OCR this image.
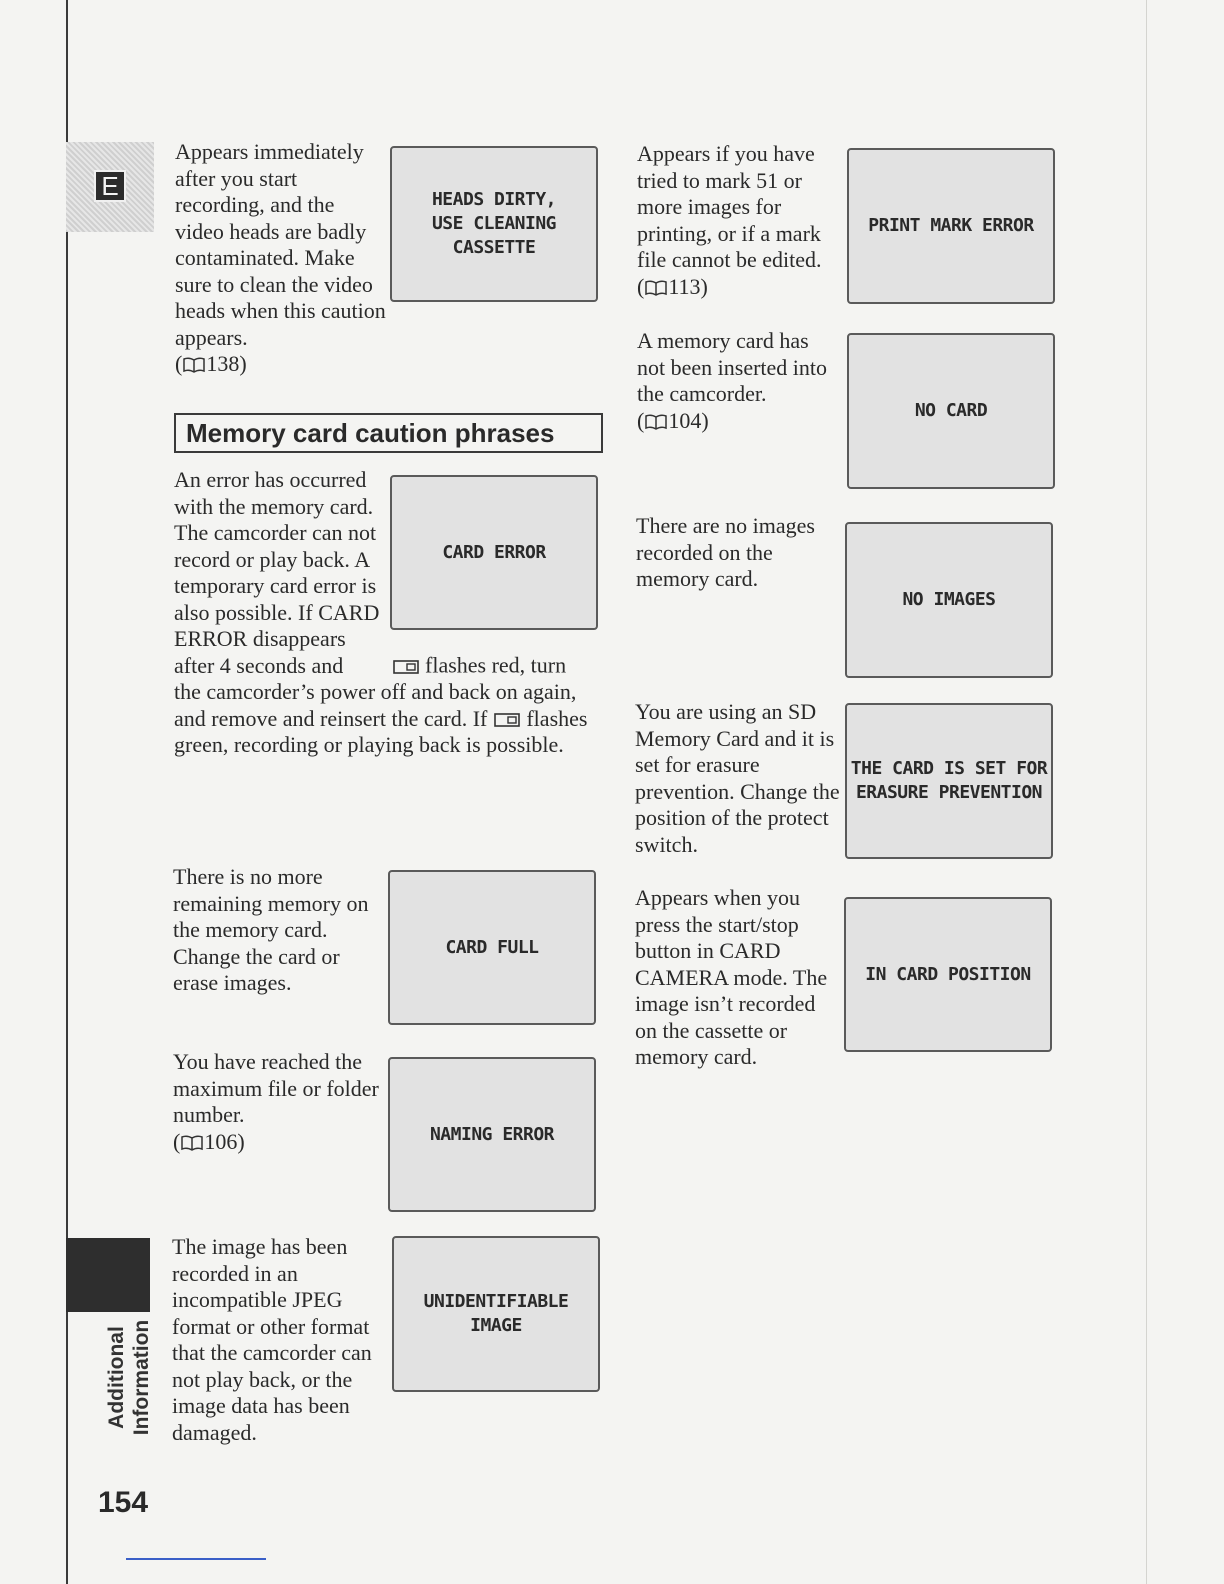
E
Additional Information
154

Appears immediately after you start recording, and the video heads are badly contaminated. Make sure to clean the video heads when this caution appears.
( 138)

HEADS DIRTY,
USE CLEANING CASSETTE
Memory card caution phrases

An error has occurred with the memory card. The camcorder can not record or play back. A temporary card error is also possible. If CARD ERROR disappears after 4 seconds and	flashes red, turn the camcorder’s power off and back on again, and remove and reinsert the card. If flashes green, recording or playing back is possible.

CARD ERROR

There is no more remaining memory on the memory card. Change the card or erase images.

CARD FULL

You have reached the maximum file or folder number.
( 106)	NAMING ERROR

The image has been recorded in an incompatible JPEG format or other format that the camcorder can not play back, or the image data has been damaged.

UNIDENTIFIABLE
IMAGE

Appears if you have tried to mark 51 or more images for printing, or if a mark file cannot be edited.
( 113)

PRINT MARK ERROR

A memory card has not been inserted into the camcorder.
( 104)	NO CARD

There are no images recorded on the memory card.

NO IMAGES

You are using an SD Memory Card and it is set for erasure prevention. Change the position of the protect switch.

THE CARD IS SET FOR
ERASURE PREVENTION

Appears when you press the start/stop button in CARD CAMERA mode. The image isn’t recorded on the cassette or memory card.

IN CARD POSITION
